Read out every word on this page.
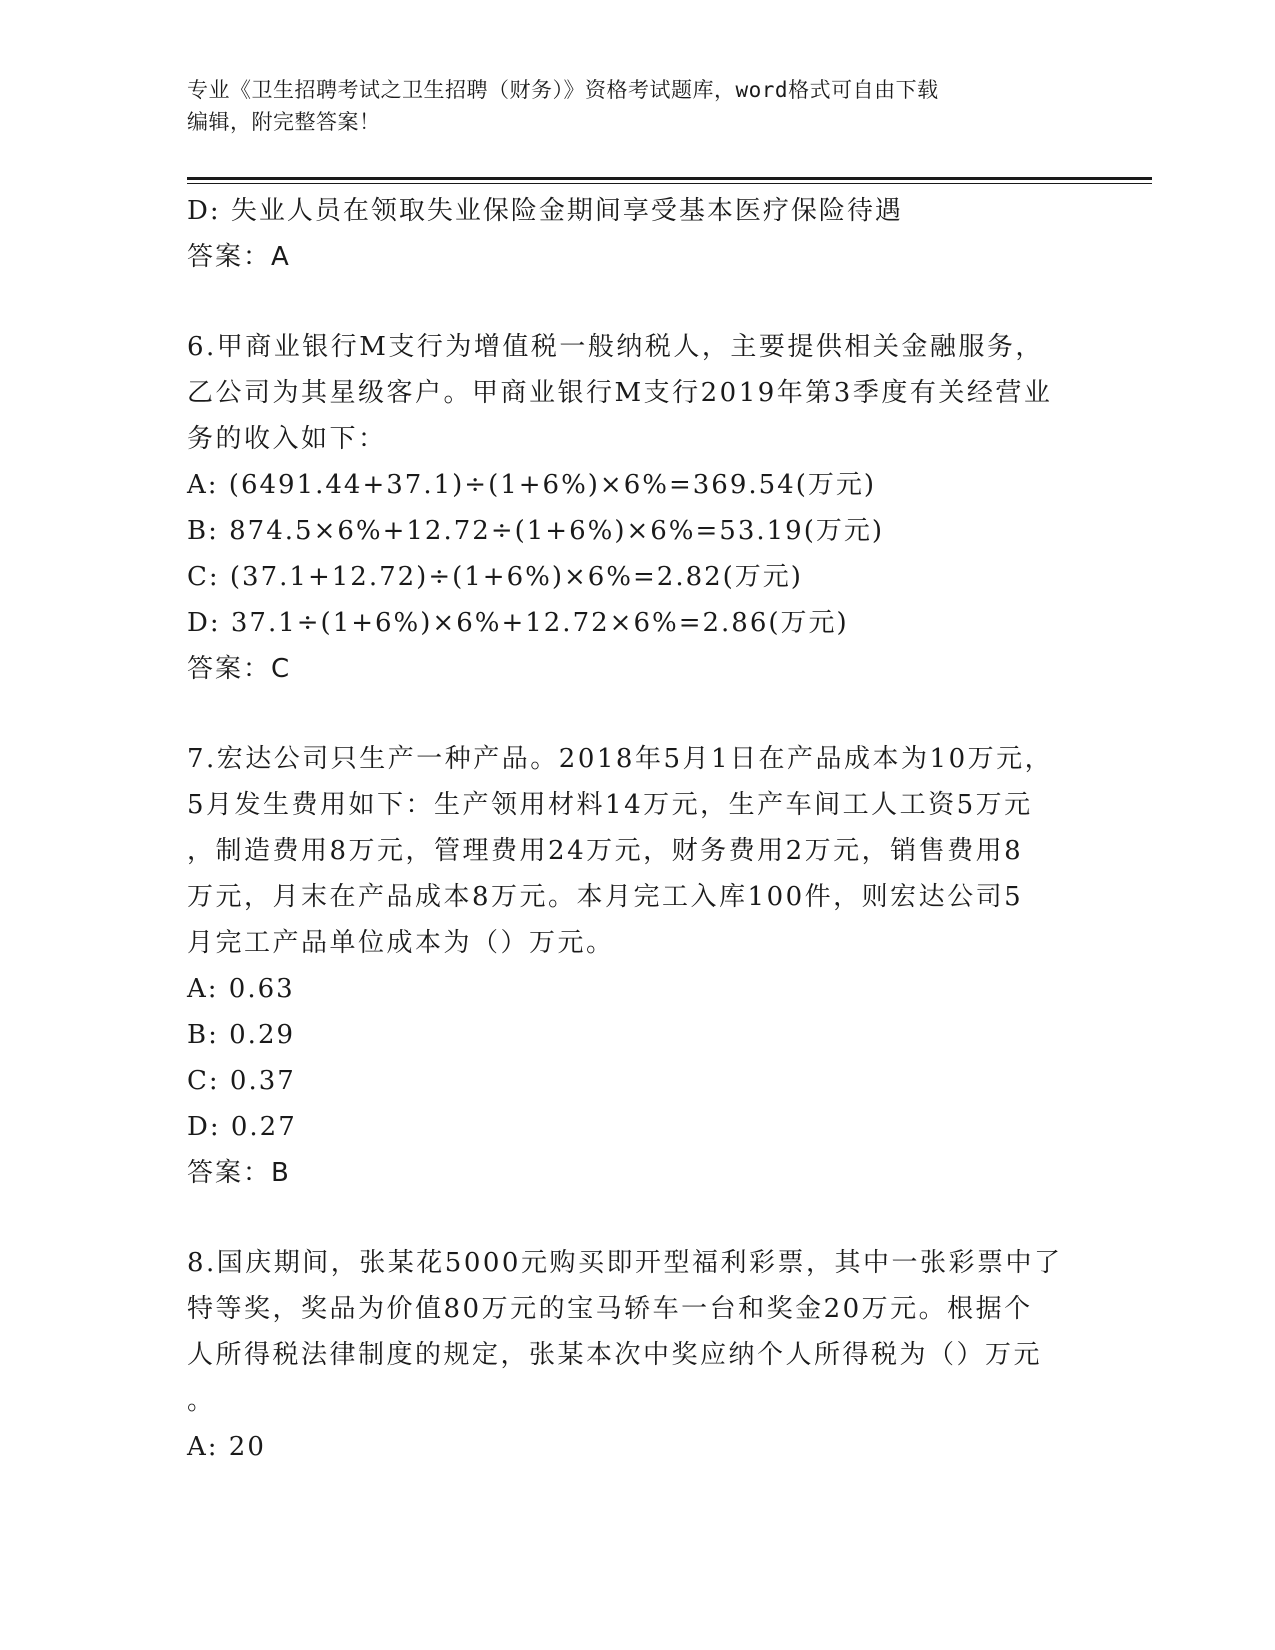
专业《卫生招聘考试之卫生招聘（财务）》资格考试题库，word格式可自由下载
编辑，附完整答案！
D: 失业人员在领取失业保险金期间享受基本医疗保险待遇
答案：A
6.甲商业银行M支行为增值税一般纳税人，主要提供相关金融服务，
乙公司为其星级客户。甲商业银行M支行2019年第3季度有关经营业
务的收入如下：
A: (6491.44+37.1)÷(1+6%)×6%=369.54(万元)
B: 874.5×6%+12.72÷(1+6%)×6%=53.19(万元)
C: (37.1+12.72)÷(1+6%)×6%=2.82(万元)
D: 37.1÷(1+6%)×6%+12.72×6%=2.86(万元)
答案：C
7.宏达公司只生产一种产品。2018年5月1日在产品成本为10万元，
5月发生费用如下：生产领用材料14万元，生产车间工人工资5万元
，制造费用8万元，管理费用24万元，财务费用2万元，销售费用8
万元，月末在产品成本8万元。本月完工入库100件，则宏达公司5
月完工产品单位成本为（）万元。
A: 0.63
B: 0.29
C: 0.37
D: 0.27
答案：B
8.国庆期间，张某花5000元购买即开型福利彩票，其中一张彩票中了
特等奖，奖品为价值80万元的宝马轿车一台和奖金20万元。根据个
人所得税法律制度的规定，张某本次中奖应纳个人所得税为（）万元
。
A: 20
